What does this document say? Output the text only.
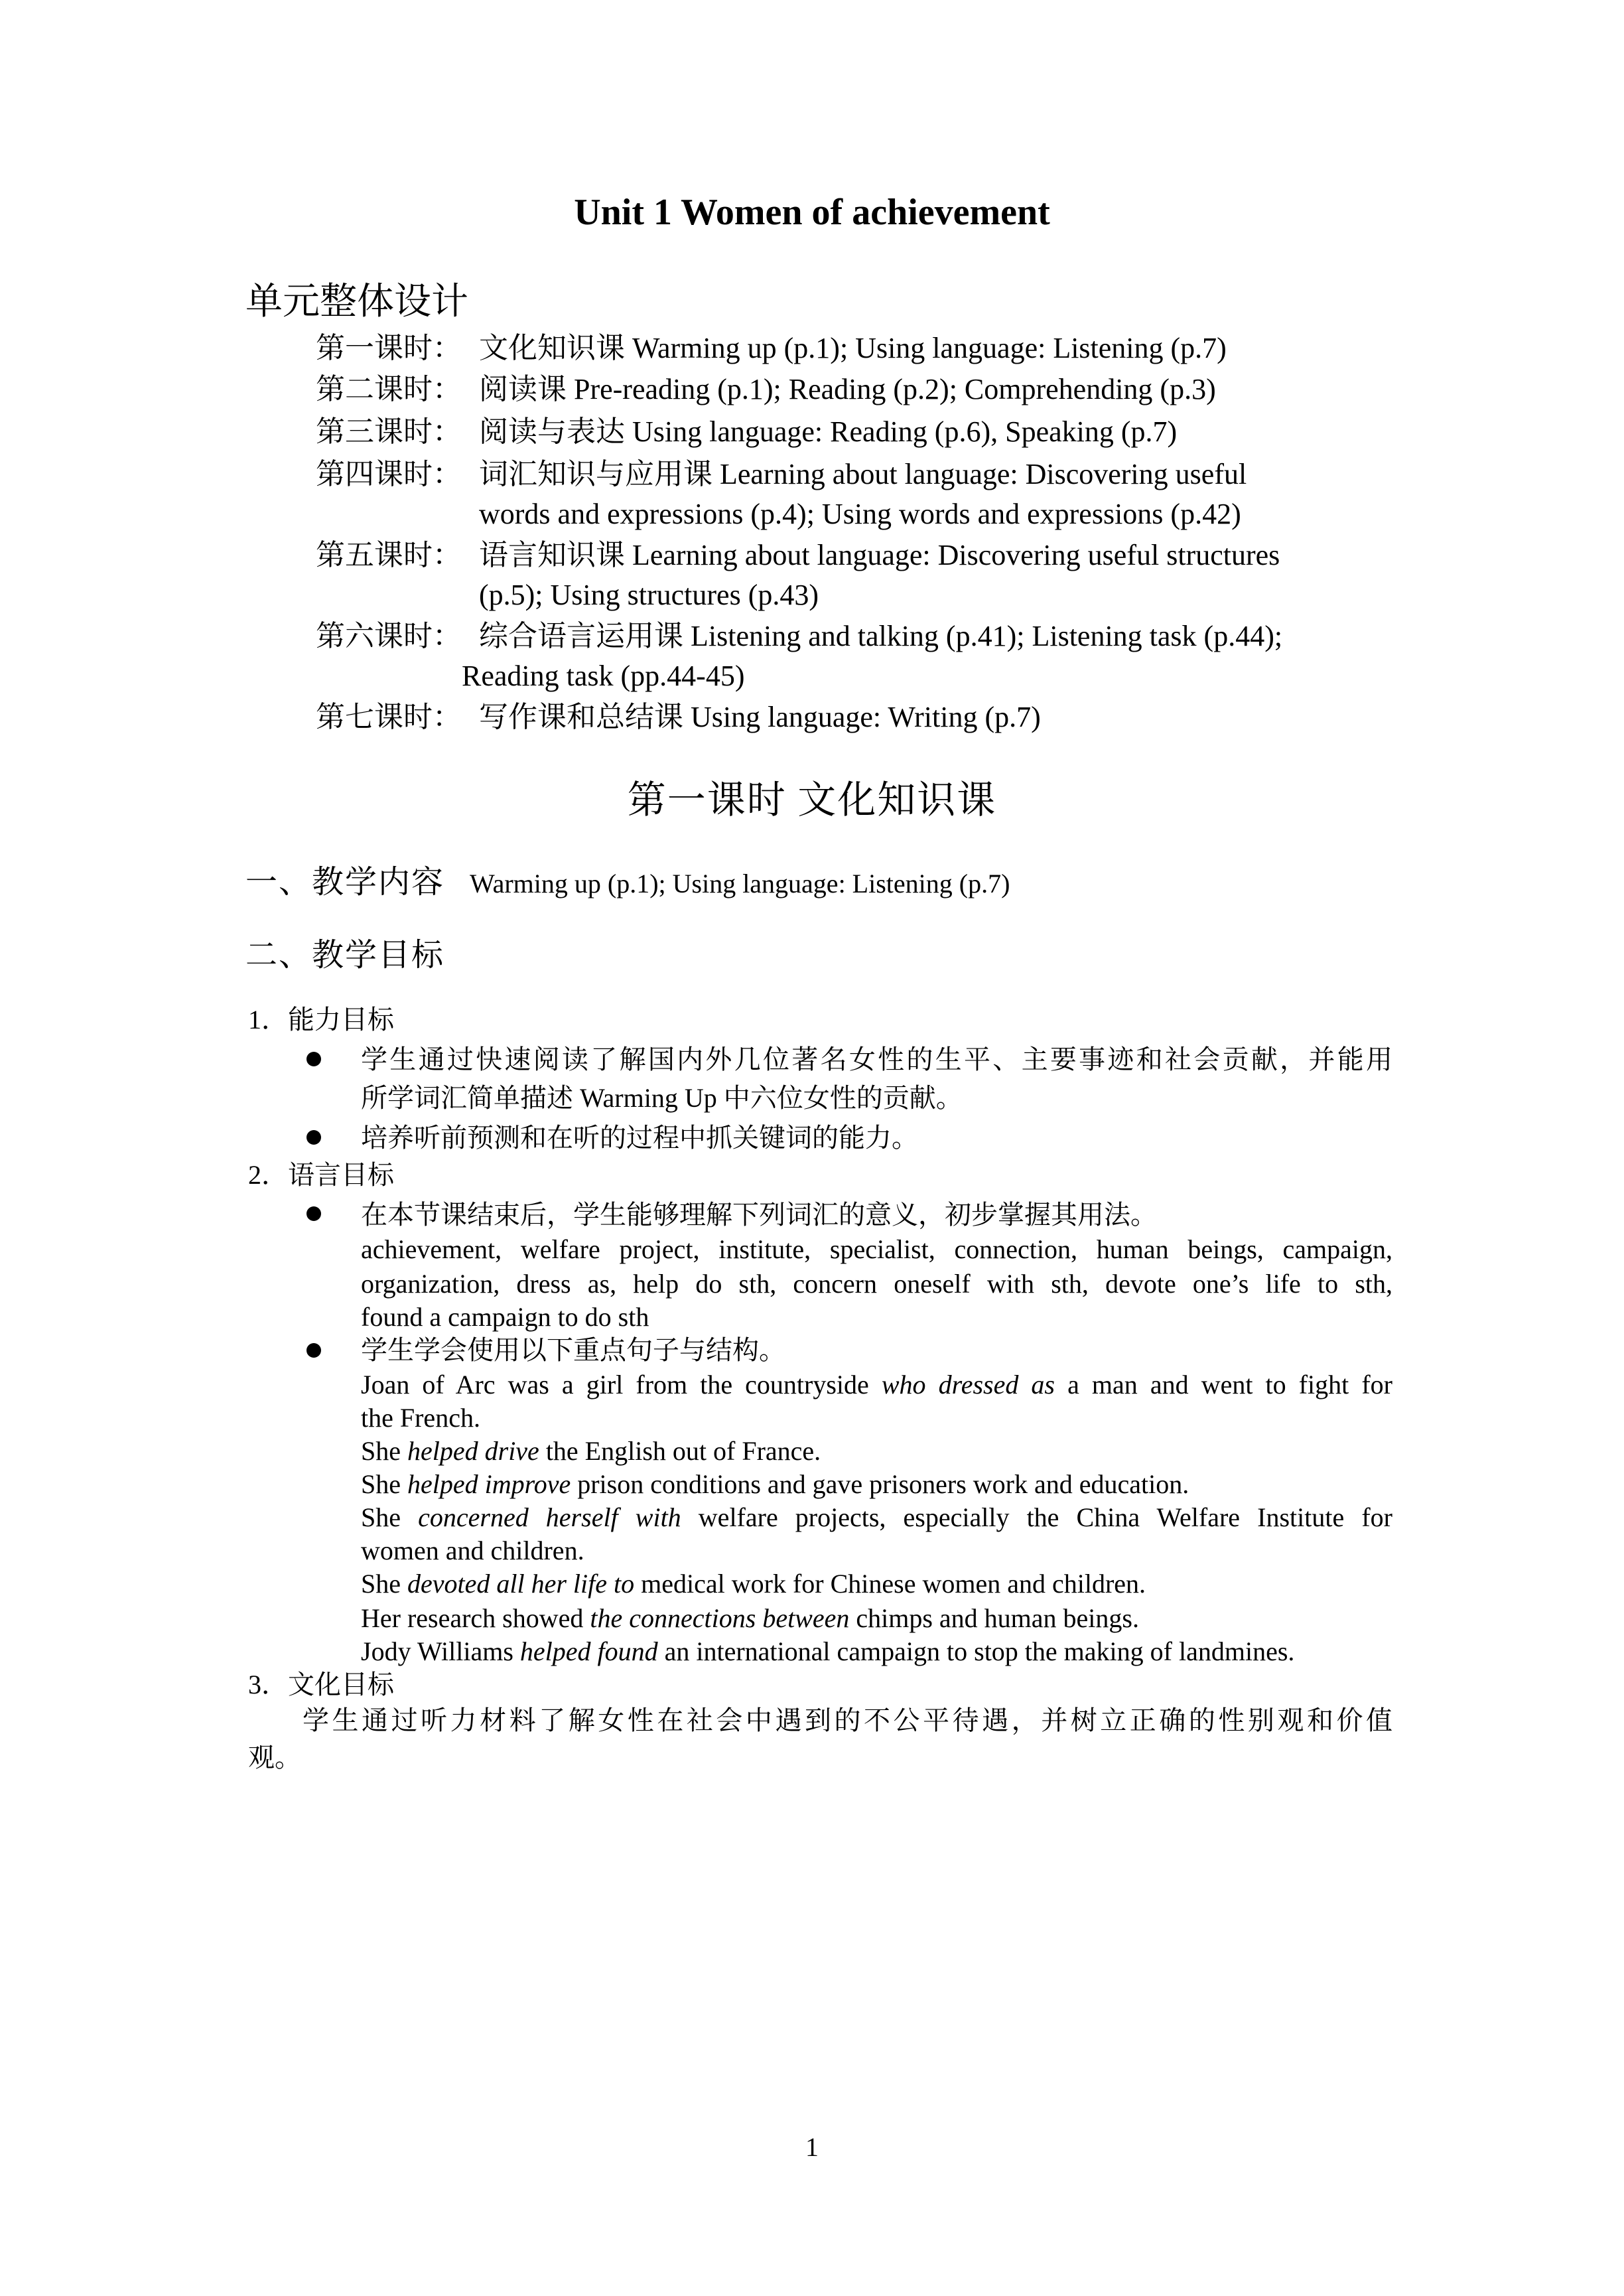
Unit 1 Women of achievement
单元整体设计
第一课时： 文化知识课 Warming up (p.1); Using language: Listening (p.7)
第二课时： 阅读课 Pre-reading (p.1); Reading (p.2); Comprehending (p.3)
第三课时： 阅读与表达 Using language: Reading (p.6), Speaking (p.7)
第四课时： 词汇知识与应用课 Learning about language: Discovering useful
words and expressions (p.4); Using words and expressions (p.42)
第五课时： 语言知识课 Learning about language: Discovering useful structures
(p.5); Using structures (p.43)
第六课时： 综合语言运用课 Listening and talking (p.41); Listening task (p.44);
Reading task (pp.44-45)
第七课时： 写作课和总结课 Using language: Writing (p.7)
第一课时 文化知识课
一、教学内容 Warming up (p.1); Using language: Listening (p.7)
二、教学目标
1．能力目标
学生通过快速阅读了解国内外几位著名女性的生平、主要事迹和社会贡献，并能用
所学词汇简单描述 Warming Up 中六位女性的贡献。
培养听前预测和在听的过程中抓关键词的能力。
2．语言目标
在本节课结束后，学生能够理解下列词汇的意义，初步掌握其用法。
achievement, welfare project, institute, specialist, connection, human beings, campaign,
organization, dress as, help do sth, concern oneself with sth, devote one’s life to sth,
found a campaign to do sth
学生学会使用以下重点句子与结构。
Joan of Arc was a girl from the countryside who dressed as a man and went to fight for
the French.
She helped drive the English out of France.
She helped improve prison conditions and gave prisoners work and education.
She concerned herself with welfare projects, especially the China Welfare Institute for
women and children.
She devoted all her life to medical work for Chinese women and children.
Her research showed the connections between chimps and human beings.
Jody Williams helped found an international campaign to stop the making of landmines.
3．文化目标
学生通过听力材料了解女性在社会中遇到的不公平待遇，并树立正确的性别观和价值
观。
1
